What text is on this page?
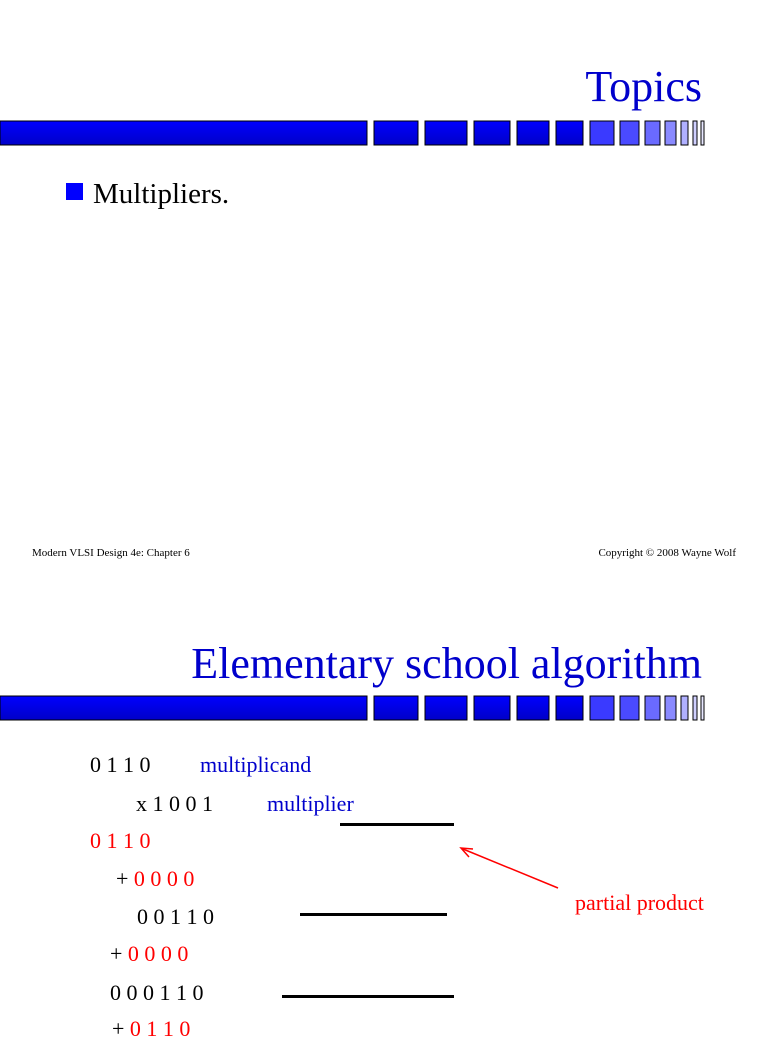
Topics
Multipliers.
Modern VLSI Design 4e: Chapter 6	Copyright © 2008 Wayne Wolf
Elementary school algorithm
0 1 1 0 multiplicand
x 1 0 0 1 multiplier
0 1 1 0
+ 0 0 0 0
0 0 1 1 0
+ 0 0 0 0
0 0 0 1 1 0
+ 0 1 1 0
partial product
